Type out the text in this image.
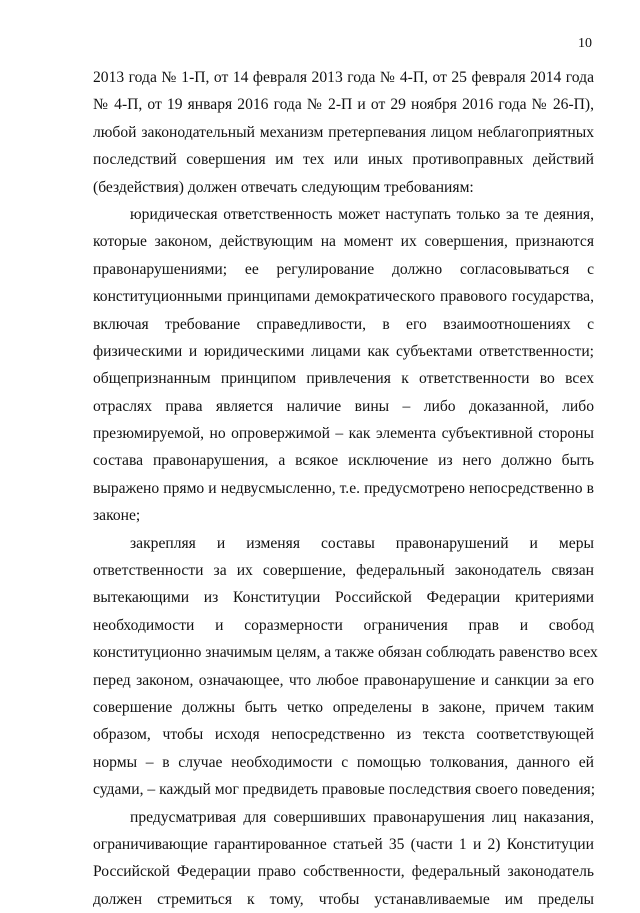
10
2013 года № 1-П, от 14 февраля 2013 года № 4-П, от 25 февраля 2014 года
№ 4-П, от 19 января 2016 года № 2-П и от 29 ноября 2016 года № 26-П),
любой законодательный механизм претерпевания лицом неблагоприятных
последствий совершения им тех или иных противоправных действий
(бездействия) должен отвечать следующим требованиям:
юридическая ответственность может наступать только за те деяния,
которые законом, действующим на момент их совершения, признаются
правонарушениями; ее регулирование должно согласовываться с
конституционными принципами демократического правового государства,
включая требование справедливости, в его взаимоотношениях с
физическими и юридическими лицами как субъектами ответственности;
общепризнанным принципом привлечения к ответственности во всех
отраслях права является наличие вины – либо доказанной, либо
презюмируемой, но опровержимой – как элемента субъективной стороны
состава правонарушения, а всякое исключение из него должно быть
выражено прямо и недвусмысленно, т.е. предусмотрено непосредственно в
законе;
закрепляя и изменяя составы правонарушений и меры
ответственности за их совершение, федеральный законодатель связан
вытекающими из Конституции Российской Федерации критериями
необходимости и соразмерности ограничения прав и свобод
конституционно значимым целям, а также обязан соблюдать равенство всех
перед законом, означающее, что любое правонарушение и санкции за его
совершение должны быть четко определены в законе, причем таким
образом, чтобы исходя непосредственно из текста соответствующей
нормы – в случае необходимости с помощью толкования, данного ей
судами, – каждый мог предвидеть правовые последствия своего поведения;
предусматривая для совершивших правонарушения лиц наказания,
ограничивающие гарантированное статьей 35 (части 1 и 2) Конституции
Российской Федерации право собственности, федеральный законодатель
должен стремиться к тому, чтобы устанавливаемые им пределы
